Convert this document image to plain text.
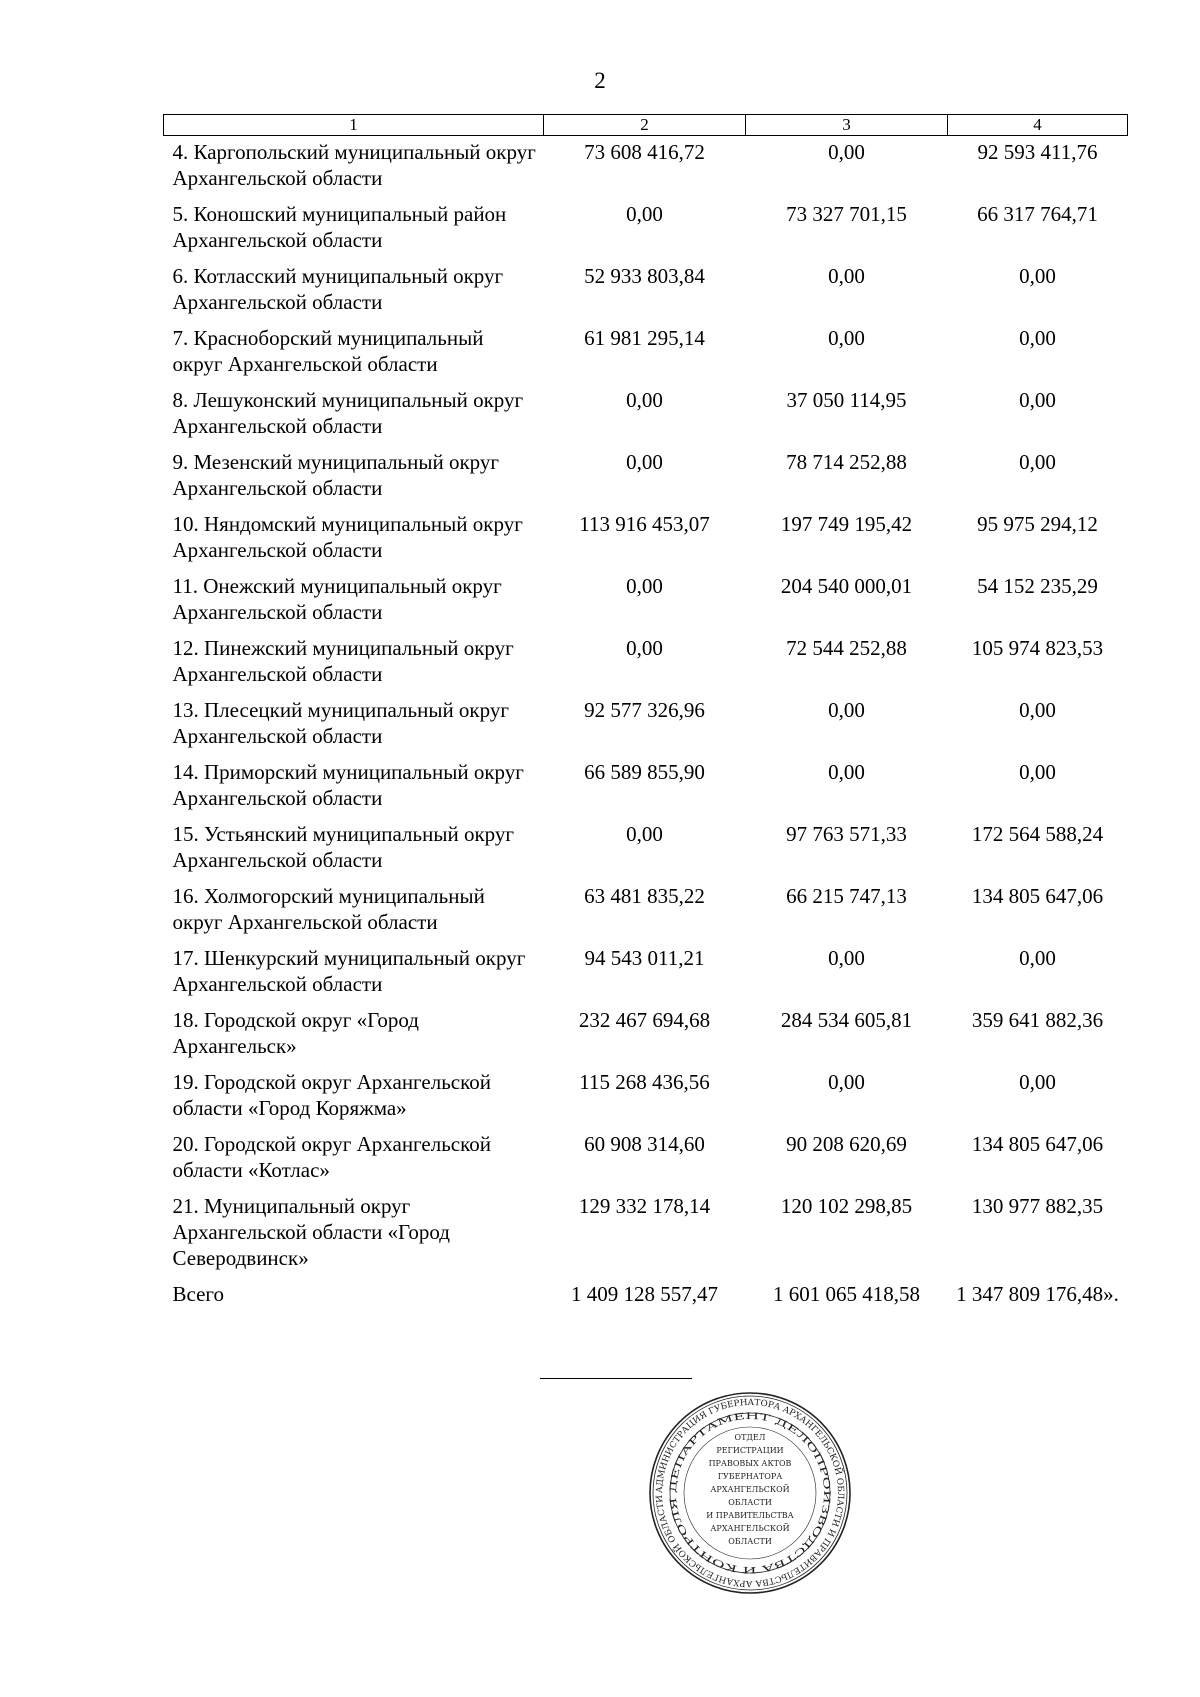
2
1	2	3	4
4. Каргопольский муниципальный округ Архангельской области	73 608 416,72	0,00	92 593 411,76
5. Коношский муниципальный район Архангельской области	0,00	73 327 701,15	66 317 764,71
6. Котласский муниципальный округ Архангельской области	52 933 803,84	0,00	0,00
7. Красноборский муниципальный округ Архангельской области	61 981 295,14	0,00	0,00
8. Лешуконский муниципальный округ Архангельской области	0,00	37 050 114,95	0,00
9. Мезенский муниципальный округ Архангельской области	0,00	78 714 252,88	0,00
10. Няндомский муниципальный округ Архангельской области	113 916 453,07	197 749 195,42	95 975 294,12
11. Онежский муниципальный округ Архангельской области	0,00	204 540 000,01	54 152 235,29
12. Пинежский муниципальный округ Архангельской области	0,00	72 544 252,88	105 974 823,53
13. Плесецкий муниципальный округ Архангельской области	92 577 326,96	0,00	0,00
14. Приморский муниципальный округ Архангельской области	66 589 855,90	0,00	0,00
15. Устьянский муниципальный округ Архангельской области	0,00	97 763 571,33	172 564 588,24
16. Холмогорский муниципальный округ Архангельской области	63 481 835,22	66 215 747,13	134 805 647,06
17. Шенкурский муниципальный округ Архангельской области	94 543 011,21	0,00	0,00
18. Городской округ «Город Архангельск»	232 467 694,68	284 534 605,81	359 641 882,36
19. Городской округ Архангельской области «Город Коряжма»	115 268 436,56	0,00	0,00
20. Городской округ Архангельской области «Котлас»	60 908 314,60	90 208 620,69	134 805 647,06
21. Муниципальный округ Архангельской области «Город Северодвинск»	129 332 178,14	120 102 298,85	130 977 882,35
Всего	1 409 128 557,47	1 601 065 418,58	1 347 809 176,48».
АДМИНИСТРАЦИЯ ГУБЕРНАТОРА АРХАНГЕЛЬСКОЙ ОБЛАСТИ И ПРАВИТЕЛЬСТВА АРХАНГЕЛЬСКОЙ ОБЛАСТИ
ДЕПАРТАМЕНТ ДЕЛОПРОИЗВОДСТВА И КОНТРОЛЯ
ОТДЕЛ
РЕГИСТРАЦИИ
ПРАВОВЫХ АКТОВ
ГУБЕРНАТОРА
АРХАНГЕЛЬСКОЙ
ОБЛАСТИ
И ПРАВИТЕЛЬСТВА
АРХАНГЕЛЬСКОЙ
ОБЛАСТИ
